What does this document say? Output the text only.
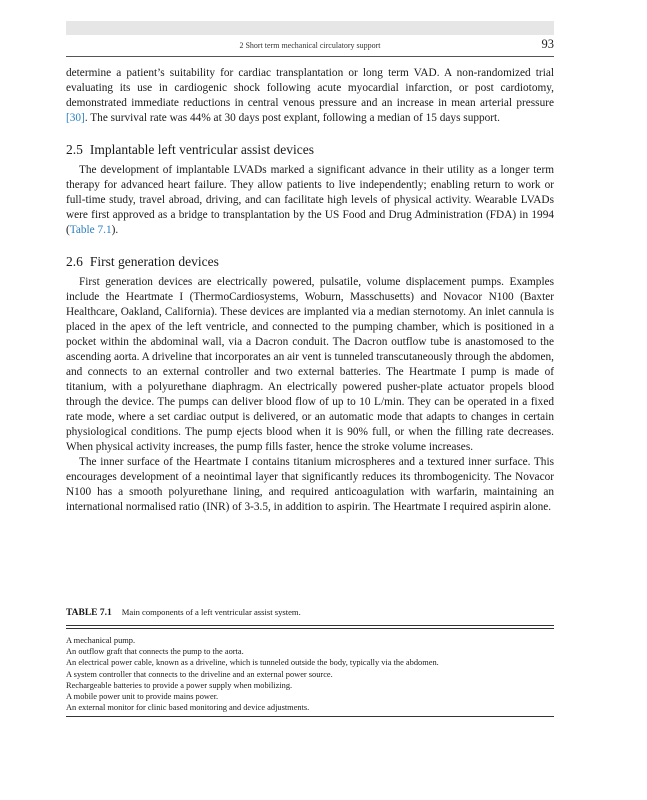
2 Short term mechanical circulatory support	93

determine a patient’s suitability for cardiac transplantation or long term VAD. A non-randomized trial evaluating its use in cardiogenic shock following acute myocardial infarction, or post cardiotomy, demonstrated immediate reductions in central venous pressure and an increase in mean arterial pressure [30]. The survival rate was 44% at 30 days post explant, following a median of 15 days support.

2.5 Implantable left ventricular assist devices

The development of implantable LVADs marked a significant advance in their utility as a longer term therapy for advanced heart failure. They allow patients to live independently; enabling return to work or full-time study, travel abroad, driving, and can facilitate high levels of physical activity. Wearable LVADs were first approved as a bridge to transplantation by the US Food and Drug Administration (FDA) in 1994 (Table 7.1).

2.6 First generation devices

First generation devices are electrically powered, pulsatile, volume displacement pumps. Examples include the Heartmate I (ThermoCardiosystems, Woburn, Masschusetts) and Novacor N100 (Baxter Healthcare, Oakland, California). These devices are implanted via a median sternotomy. An inlet cannula is placed in the apex of the left ventricle, and connected to the pumping chamber, which is positioned in a pocket within the abdominal wall, via a Dacron conduit. The Dacron outflow tube is anastomosed to the ascending aorta. A driveline that incorporates an air vent is tunneled transcutaneously through the abdomen, and connects to an external controller and two external batteries. The Heartmate I pump is made of titanium, with a polyurethane diaphragm. An electrically powered pusher-plate actuator propels blood through the device. The pumps can deliver blood flow of up to 10 L/min. They can be operated in a fixed rate mode, where a set cardiac output is delivered, or an automatic mode that adapts to changes in certain physiological conditions. The pump ejects blood when it is 90% full, or when the filling rate decreases. When physical activity increases, the pump fills faster, hence the stroke volume increases.

The inner surface of the Heartmate I contains titanium microspheres and a textured inner surface. This encourages development of a neointimal layer that significantly reduces its thrombogenicity. The Novacor N100 has a smooth polyurethane lining, and required anticoagulation with warfarin, maintaining an international normalised ratio (INR) of 3-3.5, in addition to aspirin. The Heartmate I required aspirin alone.

TABLE 7.1 Main components of a left ventricular assist system.
A mechanical pump.
An outflow graft that connects the pump to the aorta.
An electrical power cable, known as a driveline, which is tunneled outside the body, typically via the abdomen.
A system controller that connects to the driveline and an external power source.
Rechargeable batteries to provide a power supply when mobilizing.
A mobile power unit to provide mains power.
An external monitor for clinic based monitoring and device adjustments.
